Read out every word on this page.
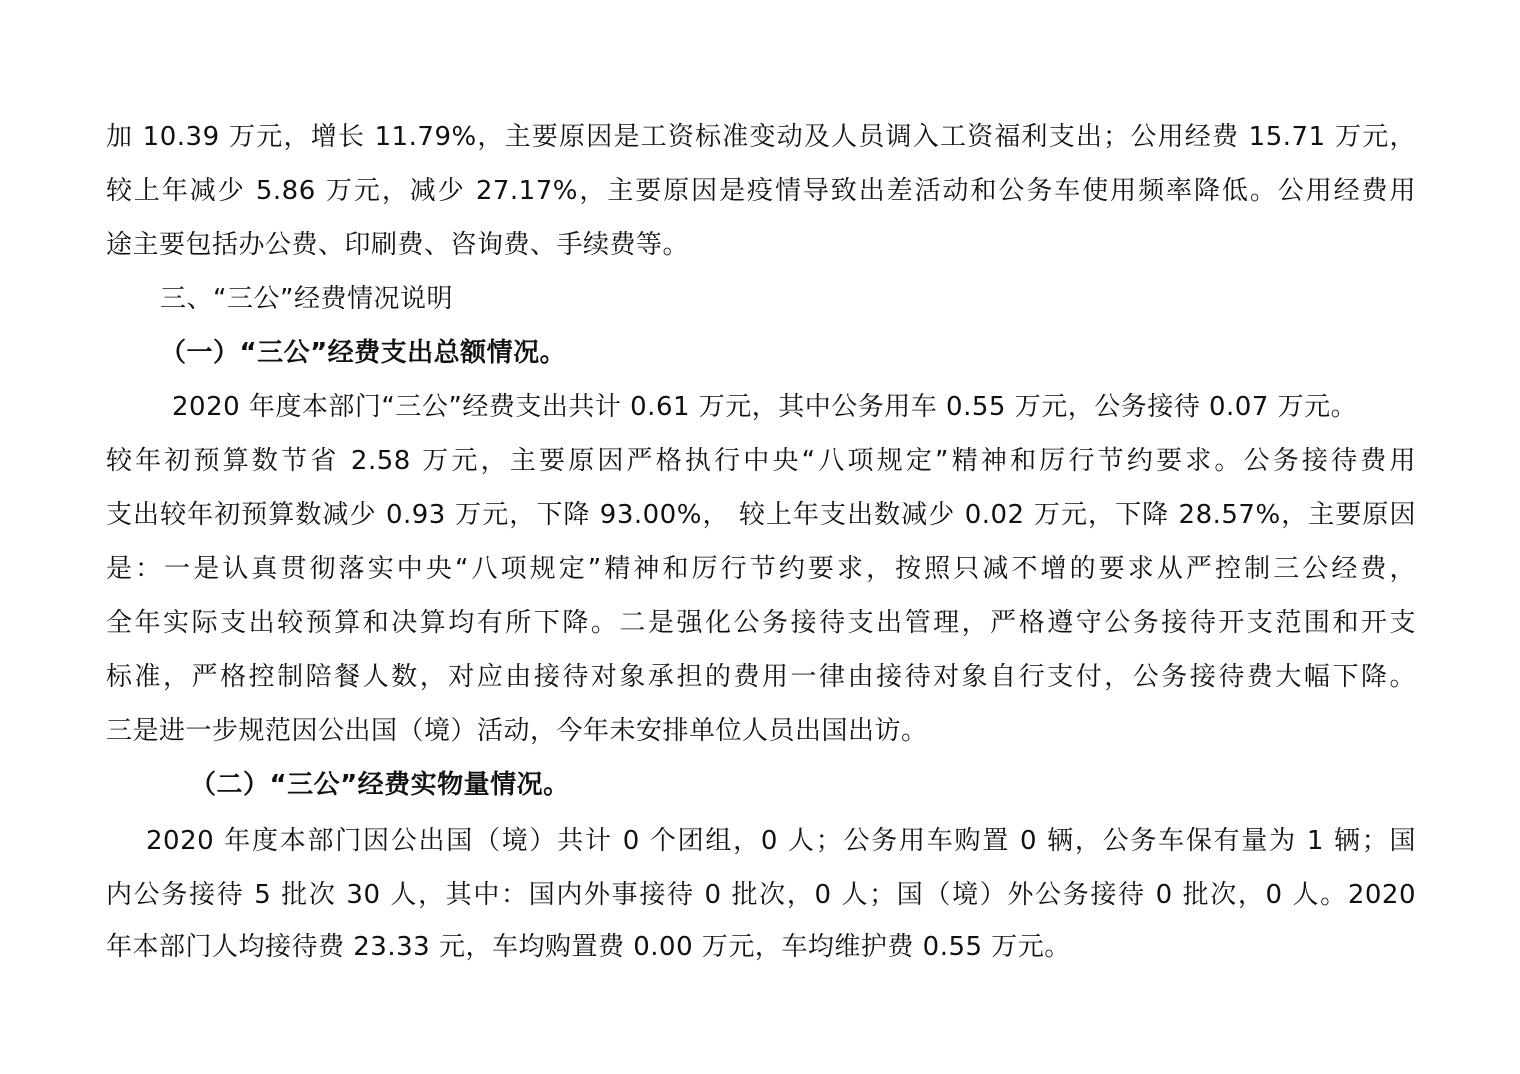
加 10.39 万元，增长 11.79%，主要原因是工资标准变动及人员调入工资福利支出；公用经费 15.71 万元，
较上年减少 5.86 万元，减少 27.17%，主要原因是疫情导致出差活动和公务车使用频率降低。公用经费用
途主要包括办公费、印刷费、咨询费、手续费等。
三、“三公”经费情况说明
（一）“三公”经费支出总额情况。
2020 年度本部门“三公”经费支出共计 0.61 万元，其中公务用车 0.55 万元，公务接待 0.07 万元。
较年初预算数节省 2.58 万元，主要原因严格执行中央“八项规定”精神和厉行节约要求。公务接待费用
支出较年初预算数减少 0.93 万元，下降 93.00%， 较上年支出数减少 0.02 万元，下降 28.57%，主要原因
是：一是认真贯彻落实中央“八项规定”精神和厉行节约要求，按照只减不增的要求从严控制三公经费，
全年实际支出较预算和决算均有所下降。二是强化公务接待支出管理，严格遵守公务接待开支范围和开支
标准，严格控制陪餐人数，对应由接待对象承担的费用一律由接待对象自行支付，公务接待费大幅下降。
三是进一步规范因公出国（境）活动，今年未安排单位人员出国出访。
（二）“三公”经费实物量情况。
2020 年度本部门因公出国（境）共计 0 个团组，0 人；公务用车购置 0 辆，公务车保有量为 1 辆；国
内公务接待 5 批次 30 人，其中：国内外事接待 0 批次，0 人；国（境）外公务接待 0 批次，0 人。2020
年本部门人均接待费 23.33 元，车均购置费 0.00 万元，车均维护费 0.55 万元。
